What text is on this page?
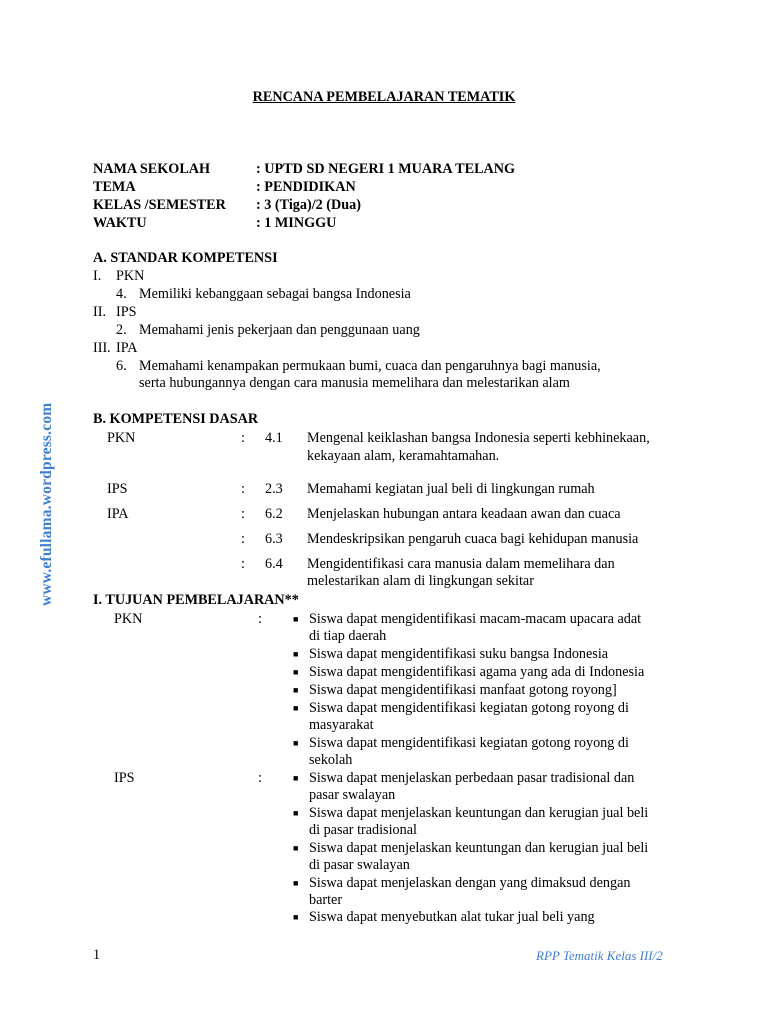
www.efullama.wordpress.com
RENCANA PEMBELAJARAN TEMATIK
NAMA SEKOLAH	: UPTD SD NEGERI 1 MUARA TELANG
TEMA	: PENDIDIKAN
KELAS /SEMESTER : 3 (Tiga)/2 (Dua)
WAKTU	: 1 MINGGU
A. STANDAR KOMPETENSI
I. PKN
4. Memiliki kebanggaan sebagai bangsa Indonesia
II. IPS
2. Memahami jenis pekerjaan dan penggunaan uang
III. IPA
6. Memahami kenampakan permukaan bumi, cuaca dan pengaruhnya bagi manusia,
serta hubungannya dengan cara manusia memelihara dan melestarikan alam
B. KOMPETENSI DASAR
PKN	: 4.1 Mengenal keiklashan bangsa Indonesia seperti kebhinekaan,
kekayaan alam, keramahtamahan.
IPS	: 2.3 Memahami kegiatan jual beli di lingkungan rumah
IPA	: 6.2 Menjelaskan hubungan antara keadaan awan dan cuaca
: 6.3 Mendeskripsikan pengaruh cuaca bagi kehidupan manusia
: 6.4 Mengidentifikasi cara manusia dalam memelihara dan
melestarikan alam di lingkungan sekitar
I. TUJUAN PEMBELAJARAN**
PKN	:	■ Siswa dapat mengidentifikasi macam-macam upacara adat
di tiap daerah
■ Siswa dapat mengidentifikasi suku bangsa Indonesia
■ Siswa dapat mengidentifikasi agama yang ada di Indonesia
■ Siswa dapat mengidentifikasi manfaat gotong royong]
■ Siswa dapat mengidentifikasi kegiatan gotong royong di
masyarakat
■ Siswa dapat mengidentifikasi kegiatan gotong royong di
sekolah
IPS	:	■ Siswa dapat menjelaskan perbedaan pasar tradisional dan
pasar swalayan
■ Siswa dapat menjelaskan keuntungan dan kerugian jual beli
di pasar tradisional
■ Siswa dapat menjelaskan keuntungan dan kerugian jual beli
di pasar swalayan
■ Siswa dapat menjelaskan dengan yang dimaksud dengan
barter
■ Siswa dapat menyebutkan alat tukar jual beli yang
1	RPP Tematik Kelas III/2
